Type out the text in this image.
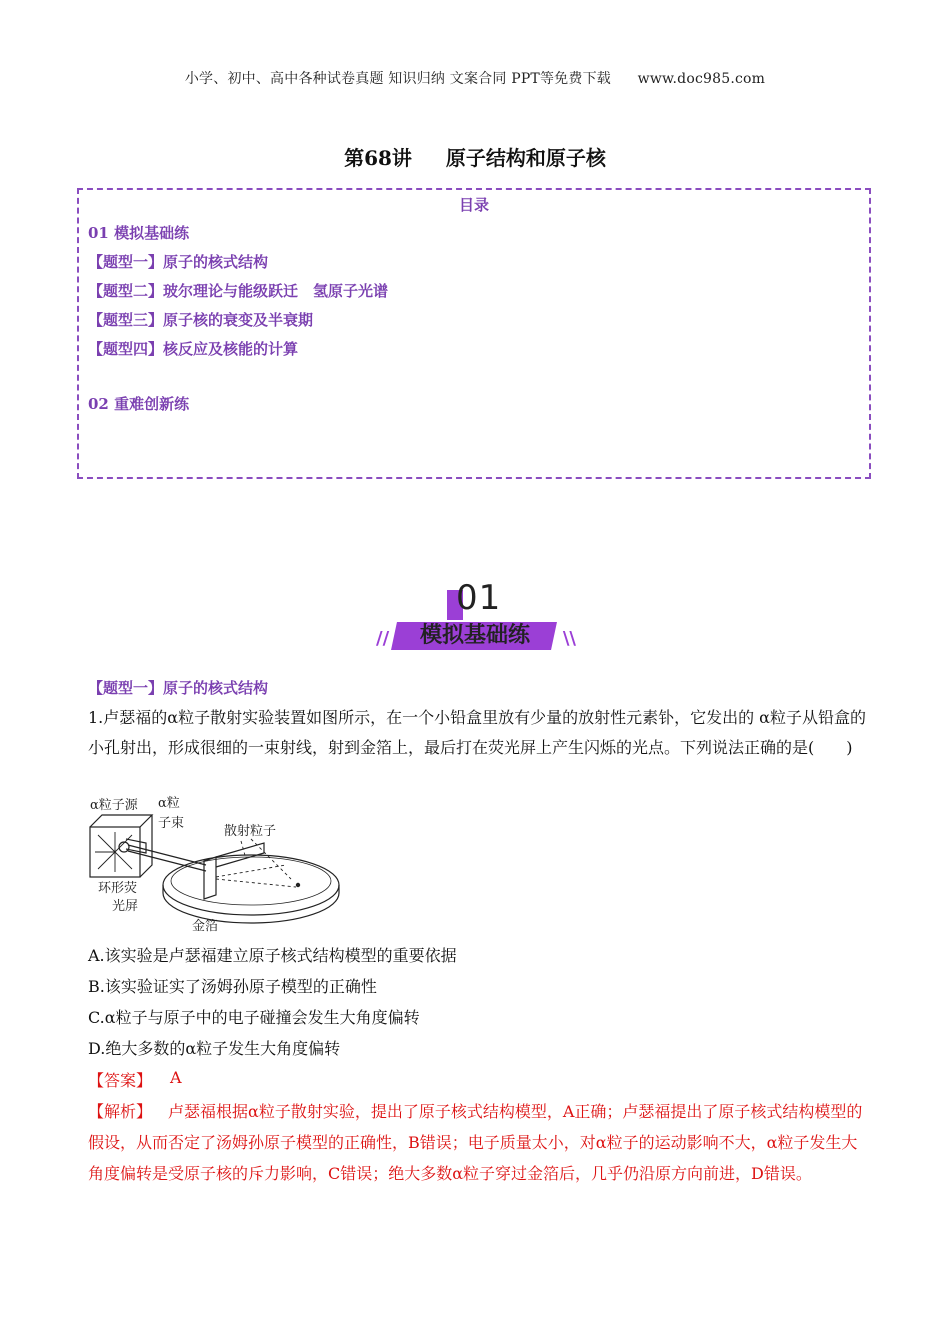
小学、初中、高中各种试卷真题 知识归纳 文案合同 PPT等免费下载 www.doc985.com
第68讲 原子结构和原子核
目录
01 模拟基础练
【题型一】原子的核式结构
【题型二】玻尔理论与能级跃迁　氢原子光谱
【题型三】原子核的衰变及半衰期
【题型四】核反应及核能的计算
02 重难创新练
01
//	模拟基础练	\\
【题型一】原子的核式结构
1.卢瑟福的α粒子散射实验装置如图所示，在一个小铅盒里放有少量的放射性元素钋，它发出的 α粒子从铅盒的小孔射出，形成很细的一束射线，射到金箔上，最后打在荧光屏上产生闪烁的光点。下列说法正确的是(　　)
α粒子源 α粒
子束
散射粒子
环形荧
光屏
金箔
A.该实验是卢瑟福建立原子核式结构模型的重要依据
B.该实验证实了汤姆孙原子模型的正确性
C.α粒子与原子中的电子碰撞会发生大角度偏转
D.绝大多数的α粒子发生大角度偏转
【答案】 A
【解析】 卢瑟福根据α粒子散射实验，提出了原子核式结构模型，A正确；卢瑟福提出了原子核式结构模型的假设，从而否定了汤姆孙原子模型的正确性，B错误；电子质量太小，对α粒子的运动影响不大，α粒子发生大角度偏转是受原子核的斥力影响，C错误；绝大多数α粒子穿过金箔后，几乎仍沿原方向前进，D错误。
